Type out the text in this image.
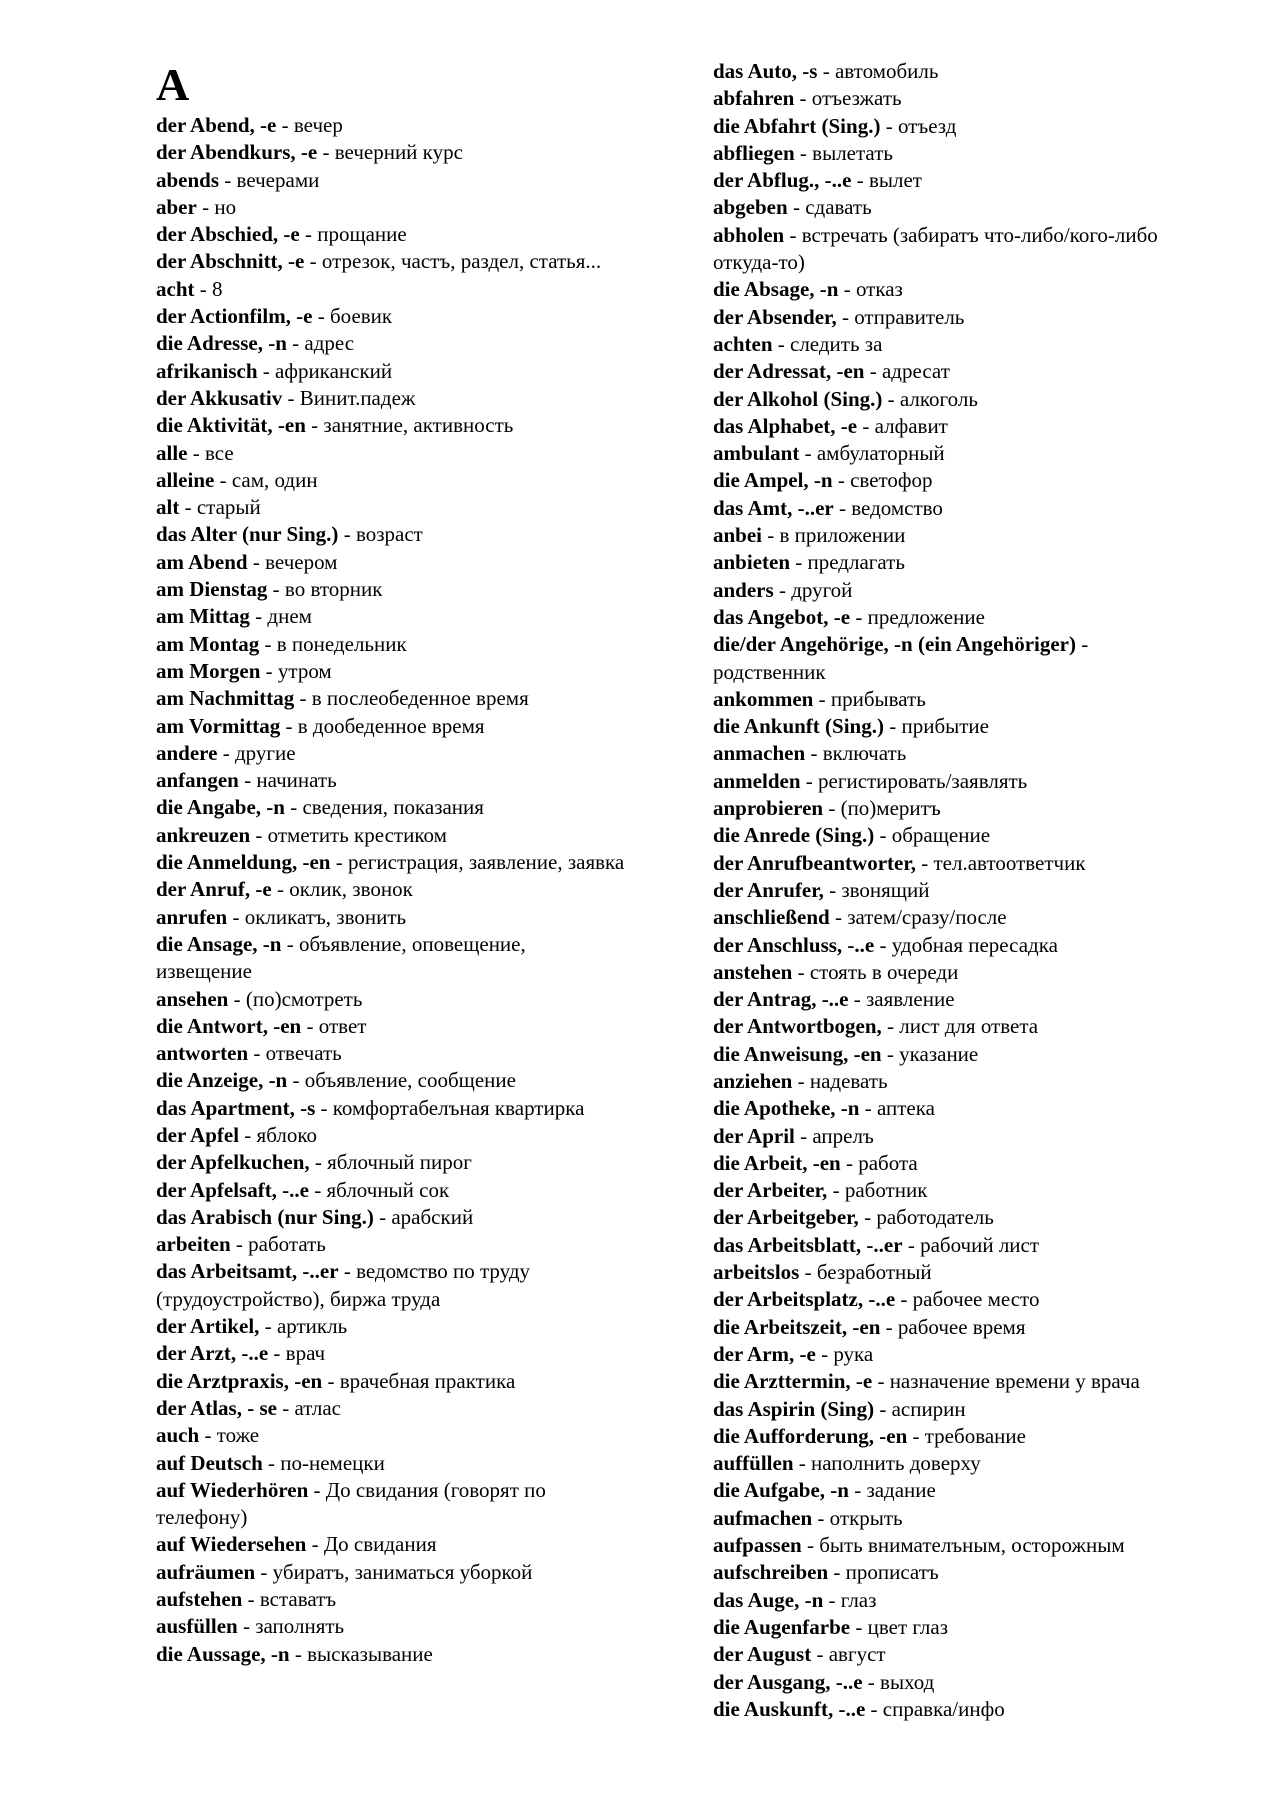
A

der Abend, -e - вечер

der Abendkurs, -e - вечерний курс

abends - вечерами

aber - но

der Abschied, -e - прощание

der Abschnitt, -e - отрезок, частъ, раздел, статья...

acht - 8

der Actionfilm, -e - боевик

die Adresse, -n - адрес

afrikanisch - африканский

der Akkusativ - Винит.падеж

die Aktivität, -en - занятние, активность

alle - все

alleine - сам, один

alt - старый

das Alter (nur Sing.) - возраст

am Abend - вечером

am Dienstag - во вторник

am Mittag - днем

am Montag - в понедельник

am Morgen - утром

am Nachmittag - в послеобеденное время

am Vormittag - в дообеденное время

andere - другие

anfangen - начинать

die Angabe, -n - сведения, показания

ankreuzen - отметить крестиком

die Anmeldung, -en - регистрация, заявление, заявка

der Anruf, -e - оклик, звонок

anrufen - окликатъ, звонить

die Ansage, -n - объявление, оповещение, извещение

ansehen - (по)смотреть

die Antwort, -en - ответ

antworten - отвечать

die Anzeige, -n - объявление, сообщение

das Apartment, -s - комфортабелъная квартирка

der Apfel - яблоко

der Apfelkuchen, - яблочный пирог

der Apfelsaft, -..e - яблочный сок

das Arabisch (nur Sing.) - арабский

arbeiten - работать

das Arbeitsamt, -..er - ведомство по труду (трудоустройство), биржа труда

der Artikel, - артикль

der Arzt, -..e - врач

die Arztpraxis, -en - врачебная практика

der Atlas, - se - атлас

auch - тоже

auf Deutsch - по-немецки

auf Wiederhören - До свидания (говорят по телефону)

auf Wiedersehen - До свидания

aufräumen - убиратъ, заниматься уборкой

aufstehen - вставатъ

ausfüllen - заполнять

die Aussage, -n - высказывание

das Auto, -s - автомобиль

abfahren - отъезжать

die Abfahrt (Sing.) - отъезд

abfliegen - вылетать

der Abflug., -..e - вылет

abgeben - сдавать

abholen - встречать (забиратъ что-либо/кого-либо откуда-то)

die Absage, -n - отказ

der Absender, - отправитель

achten - следить за

der Adressat, -en - адресат

der Alkohol (Sing.) - алкоголь

das Alphabet, -e - алфавит

ambulant - амбулаторный

die Ampel, -n - светофор

das Amt, -..er - ведомство

anbei - в приложении

anbieten - предлагать

anders - другой

das Angebot, -e - предложение

die/der Angehörige, -n (ein Angehöriger) - родственник

ankommen - прибывать

die Ankunft (Sing.) - прибытие

anmachen - включать

anmelden - регистировать/заявлять

anprobieren - (по)меритъ

die Anrede (Sing.) - обращение

der Anrufbeantworter, - тел.автоответчик

der Anrufer, - звонящий

anschließend - затем/сразу/после

der Anschluss, -..e - удобная пересадка

anstehen - стоять в очереди

der Antrag, -..e - заявление

der Antwortbogen, - лист для ответа

die Anweisung, -en - указание

anziehen - надевать

die Apotheke, -n - аптека

der April - апрелъ

die Arbeit, -en - работа

der Arbeiter, - работник

der Arbeitgeber, - работодатель

das Arbeitsblatt, -..er - рабочий лист

arbeitslos - безработный

der Arbeitsplatz, -..e - рабочее место

die Arbeitszeit, -en - рабочее время

der Arm, -e - рука

die Arzttermin, -e - назначение времени у врача

das Aspirin (Sing) - аспирин

die Aufforderung, -en - требование

auffüllen - наполнить доверху

die Aufgabe, -n - задание

aufmachen - открыть

aufpassen - быть внимателъным, осторожным

aufschreiben - прописатъ

das Auge, -n - глаз

die Augenfarbe - цвет глаз

der August - август

der Ausgang, -..e - выход

die Auskunft, -..e - справка/инфо
